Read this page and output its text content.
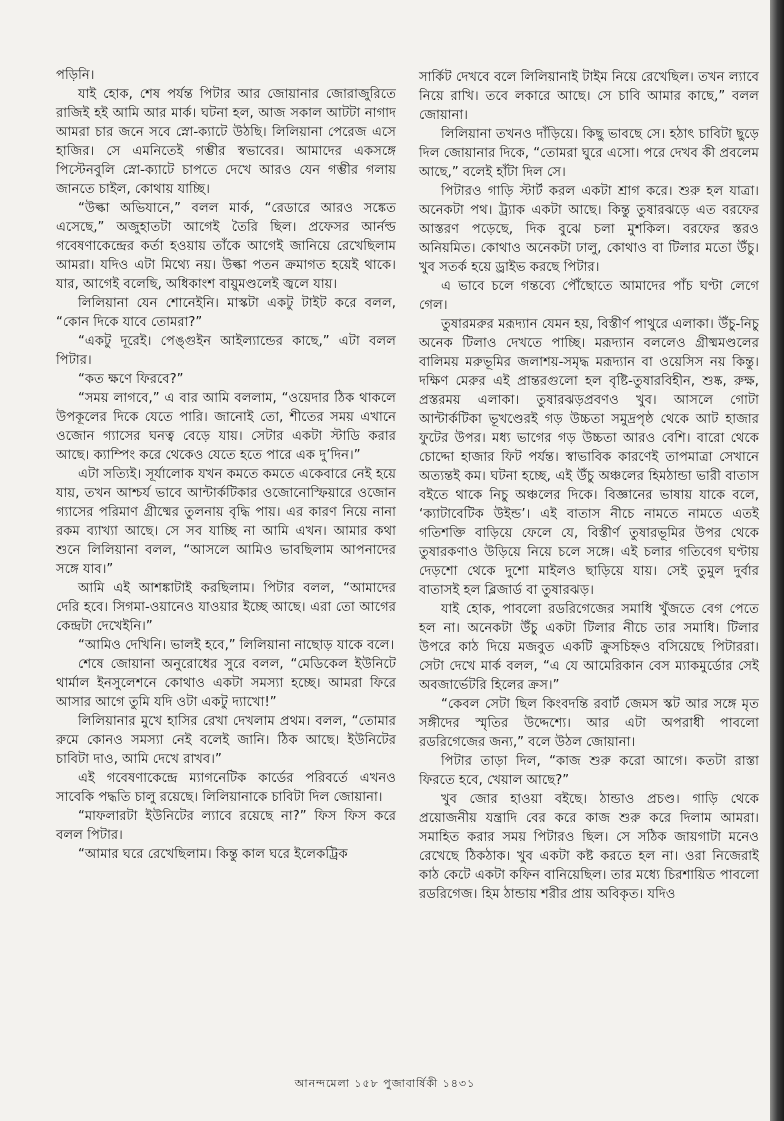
পড়িনি।

যাই হোক, শেষ পর্যন্ত পিটার আর জোয়ানার জোরাজুরিতে রাজিই হই আমি আর মার্ক। ঘটনা হল, আজ সকাল আটটা নাগাদ আমরা চার জনে সবে স্নো-ক্যাটে উঠছি। লিলিয়ানা পেরেজ এসে হাজির। সে এমনিতেই গম্ভীর স্বভাবের। আমাদের একসঙ্গে পিস্টেনবুলি স্নো-ক্যাটে চাপতে দেখে আরও যেন গম্ভীর গলায় জানতে চাইল, কোথায় যাচ্ছি।

“উল্কা অভিযানে,” বলল মার্ক, “রেডারে আরও সঙ্কেত এসেছে,” অজুহাতটা আগেই তৈরি ছিল। প্রফেসর আর্নল্ড গবেষণাকেন্দ্রের কর্তা হওয়ায় তাঁকে আগেই জানিয়ে রেখেছিলাম আমরা। যদিও এটা মিথ্যে নয়। উল্কা পতন ক্রমাগত হয়েই থাকে। যার, আগেই বলেছি, অধিকাংশ বায়ুমণ্ডলেই জ্বলে যায়।

লিলিয়ানা যেন শোনেইনি। মাস্কটা একটু টাইট করে বলল, “কোন দিকে যাবে তোমরা?”

“একটু দূরেই। পেঙ্গুইন আইল্যান্ডের কাছে,” এটা বলল পিটার।

“কত ক্ষণে ফিরবে?”

“সময় লাগবে,” এ বার আমি বললাম, “ওয়েদার ঠিক থাকলে উপকূলের দিকে যেতে পারি। জানোই তো, শীতের সময় এখানে ওজোন গ্যাসের ঘনত্ব বেড়ে যায়। সেটার একটা স্টাডি করার আছে। ক্যাম্পিং করে থেকেও যেতে হতে পারে এক দু’দিন।”

এটা সত্যিই। সূর্যালোক যখন কমতে কমতে একেবারে নেই হয়ে যায়, তখন আশ্চর্য ভাবে আন্টার্কটিকার ওজোনোস্ফিয়ারে ওজোন গ্যাসের পরিমাণ গ্রীষ্মের তুলনায় বৃদ্ধি পায়। এর কারণ নিয়ে নানা রকম ব্যাখ্যা আছে। সে সব যাচ্ছি না আমি এখন। আমার কথা শুনে লিলিয়ানা বলল, “আসলে আমিও ভাবছিলাম আপনাদের সঙ্গে যাব।”

আমি এই আশঙ্কাটাই করছিলাম। পিটার বলল, “আমাদের দেরি হবে। সিগমা-ওয়ানেও যাওয়ার ইচ্ছে আছে। এরা তো আগের কেন্দ্রটা দেখেইনি।”

“আমিও দেখিনি। ভালই হবে,” লিলিয়ানা নাছোড় যাকে বলে।

শেষে জোয়ানা অনুরোধের সুরে বলল, “মেডিকেল ইউনিটে থার্মাল ইনসুলেশনে কোথাও একটা সমস্যা হচ্ছে। আমরা ফিরে আসার আগে তুমি যদি ওটা একটু দ্যাখো!”

লিলিয়ানার মুখে হাসির রেখা দেখলাম প্রথম। বলল, “তোমার রুমে কোনও সমস্যা নেই বলেই জানি। ঠিক আছে। ইউনিটের চাবিটা দাও, আমি দেখে রাখব।”

এই গবেষণাকেন্দ্রে ম্যাগনেটিক কার্ডের পরিবর্তে এখনও সাবেকি পদ্ধতি চালু রয়েছে। লিলিয়ানাকে চাবিটা দিল জোয়ানা।

“মাফলারটা ইউনিটের ল্যাবে রয়েছে না?” ফিস ফিস করে বলল পিটার।

“আমার ঘরে রেখেছিলাম। কিন্তু কাল ঘরে ইলেকট্রিক

সার্কিট দেখবে বলে লিলিয়ানাই টাইম নিয়ে রেখেছিল। তখন ল্যাবে নিয়ে রাখি। তবে লকারে আছে। সে চাবি আমার কাছে,” বলল জোয়ানা।

লিলিয়ানা তখনও দাঁড়িয়ে। কিছু ভাবছে সে। হঠাৎ চাবিটা ছুড়ে দিল জোয়ানার দিকে, “তোমরা ঘুরে এসো। পরে দেখব কী প্রবলেম আছে,” বলেই হাঁটা দিল সে।

পিটারও গাড়ি স্টার্ট করল একটা শ্রাগ করে। শুরু হল যাত্রা। অনেকটা পথ। ট্র্যাক একটা আছে। কিন্তু তুষারঝড়ে এত বরফের আস্তরণ পড়েছে, দিক বুঝে চলা মুশকিল। বরফের স্তরও অনিয়মিত। কোথাও অনেকটা ঢালু, কোথাও বা টিলার মতো উঁচু। খুব সতর্ক হয়ে ড্রাইভ করছে পিটার।

এ ভাবে চলে গন্তব্যে পৌঁছোতে আমাদের পাঁচ ঘণ্টা লেগে গেল।

তুষারমরুর মরূদ্যান যেমন হয়, বিস্তীর্ণ পাথুরে এলাকা। উঁচু-নিচু অনেক টিলাও দেখতে পাচ্ছি। মরূদ্যান বললেও গ্রীষ্মমণ্ডলের বালিময় মরুভূমির জলাশয়-সমৃদ্ধ মরূদ্যান বা ওয়েসিস নয় কিন্তু। দক্ষিণ মেরুর এই প্রান্তরগুলো হল বৃষ্টি-তুষারবিহীন, শুষ্ক, রুক্ষ, প্রস্তরময় এলাকা। তুষারঝড়প্রবণও খুব। আসলে গোটা আন্টার্কটিকা ভূখণ্ডেরই গড় উচ্চতা সমুদ্রপৃষ্ঠ থেকে আট হাজার ফুটের উপর। মধ্য ভাগের গড় উচ্চতা আরও বেশি। বারো থেকে চোদ্দো হাজার ফিট পর্যন্ত। স্বাভাবিক কারণেই তাপমাত্রা সেখানে অত্যন্তই কম। ঘটনা হচ্ছে, এই উঁচু অঞ্চলের হিমঠান্ডা ভারী বাতাস বইতে থাকে নিচু অঞ্চলের দিকে। বিজ্ঞানের ভাষায় যাকে বলে, ‘ক্যাটাবেটিক উইন্ড’। এই বাতাস নীচে নামতে নামতে এতই গতিশক্তি বাড়িয়ে ফেলে যে, বিস্তীর্ণ তুষারভূমির উপর থেকে তুষারকণাও উড়িয়ে নিয়ে চলে সঙ্গে। এই চলার গতিবেগ ঘণ্টায় দেড়শো থেকে দুশো মাইলও ছাড়িয়ে যায়। সেই তুমুল দুর্বার বাতাসই হল ব্লিজার্ড বা তুষারঝড়।

যাই হোক, পাবলো রডরিগেজের সমাধি খুঁজতে বেগ পেতে হল না। অনেকটা উঁচু একটা টিলার নীচে তার সমাধি। টিলার উপরে কাঠ দিয়ে মজবুত একটি ক্রুসচিহ্নও বসিয়েছে পিটাররা। সেটা দেখে মার্ক বলল, “এ যে আমেরিকান বেস ম্যাকমুর্ডোর সেই অবজার্ভেটরি হিলের ক্রস।”

“কেবল সেটা ছিল কিংবদন্তি রবার্ট জেমস স্কট আর সঙ্গে মৃত সঙ্গীদের স্মৃতির উদ্দেশ্যে। আর এটা অপরাধী পাবলো রডরিগেজের জন্য,” বলে উঠল জোয়ানা।

পিটার তাড়া দিল, “কাজ শুরু করো আগে। কতটা রাস্তা ফিরতে হবে, খেয়াল আছে?”

খুব জোর হাওয়া বইছে। ঠান্ডাও প্রচণ্ড। গাড়ি থেকে প্রয়োজনীয় যন্ত্রাদি বের করে কাজ শুরু করে দিলাম আমরা। সমাহিত করার সময় পিটারও ছিল। সে সঠিক জায়গাটা মনেও রেখেছে ঠিকঠাক। খুব একটা কষ্ট করতে হল না। ওরা নিজেরাই কাঠ কেটে একটা কফিন বানিয়েছিল। তার মধ্যে চিরশায়িত পাবলো রডরিগেজ। হিম ঠান্ডায় শরীর প্রায় অবিকৃত। যদিও

আনন্দমেলা ১৫৮ পুজাবার্ষিকী ১৪৩১
